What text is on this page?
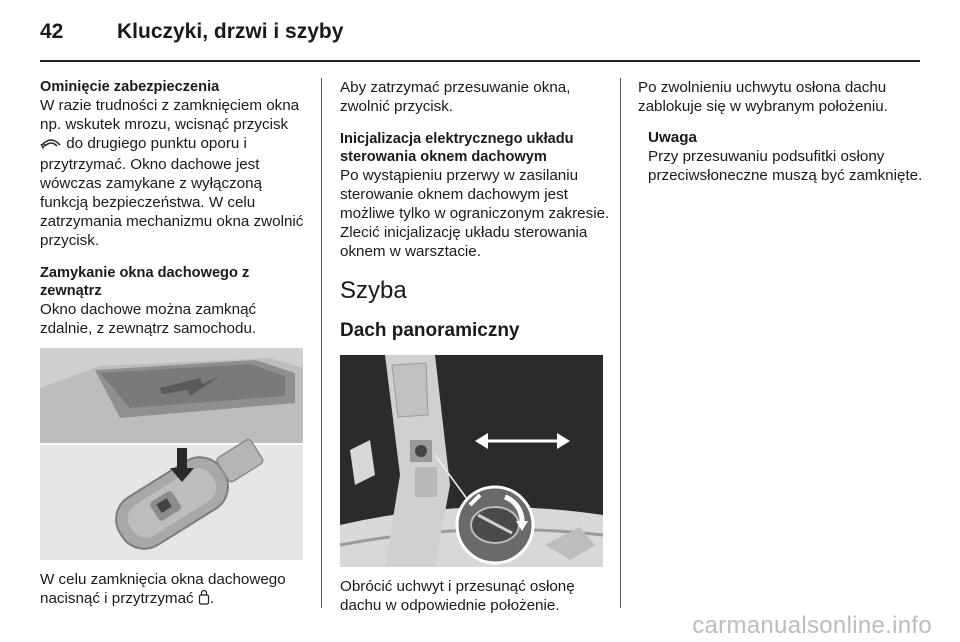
42	Kluczyki, drzwi i szyby

Ominięcie zabezpieczenia

W razie trudności z zamknięciem okna np. wskutek mrozu, wcisnąć przycisk  do drugiego punktu oporu i przytrzymać. Okno dachowe jest wówczas zamykane z wyłączoną funkcją bezpieczeństwa. W celu zatrzymania mechanizmu okna zwolnić przycisk.

Zamykanie okna dachowego z zewnątrz

Okno dachowe można zamknąć zdalnie, z zewnątrz samochodu.

W celu zamknięcia okna dachowego nacisnąć i przytrzymać .

Aby zatrzymać przesuwanie okna, zwolnić przycisk.

Inicjalizacja elektrycznego układu sterowania oknem dachowym

Po wystąpieniu przerwy w zasilaniu sterowanie oknem dachowym jest możliwe tylko w ograniczonym zakresie. Zlecić inicjalizację układu sterowania oknem w warsztacie.

Szyba

Dach panoramiczny

Obrócić uchwyt i przesunąć osłonę dachu w odpowiednie położenie.

Po zwolnieniu uchwytu osłona dachu zablokuje się w wybranym położeniu.

Uwaga

Przy przesuwaniu podsufitki osłony przeciwsłoneczne muszą być zamknięte.

carmanualsonline.info
